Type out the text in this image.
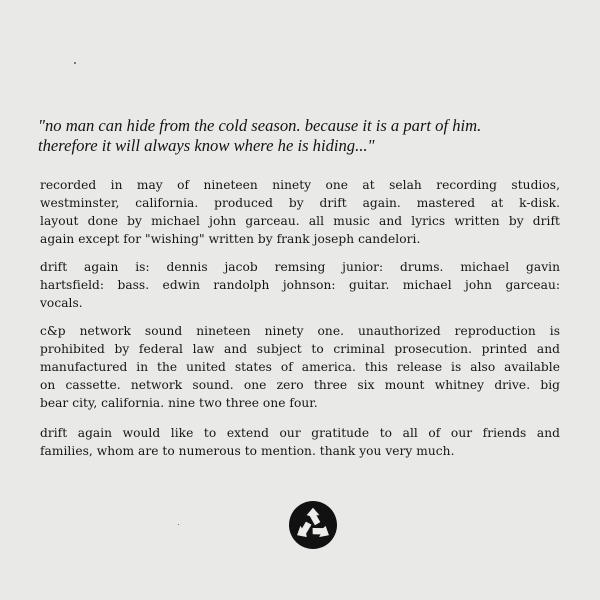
"no man can hide from the cold season. because it is a part of him.
therefore it will always know where he is hiding..."

recorded in may of nineteen ninety one at selah recording studios,
westminster, california. produced by drift again. mastered at k-disk.
layout done by michael john garceau. all music and lyrics written by drift
again except for "wishing" written by frank joseph candelori.

drift again is: dennis jacob remsing junior: drums. michael gavin
hartsfield: bass. edwin randolph johnson: guitar. michael john garceau:
vocals.

c&p network sound nineteen ninety one. unauthorized reproduction is
prohibited by federal law and subject to criminal prosecution. printed and
manufactured in the united states of america. this release is also available
on cassette. network sound. one zero three six mount whitney drive. big
bear city, california. nine two three one four.

drift again would like to extend our gratitude to all of our friends and
families, whom are to numerous to mention. thank you very much.
